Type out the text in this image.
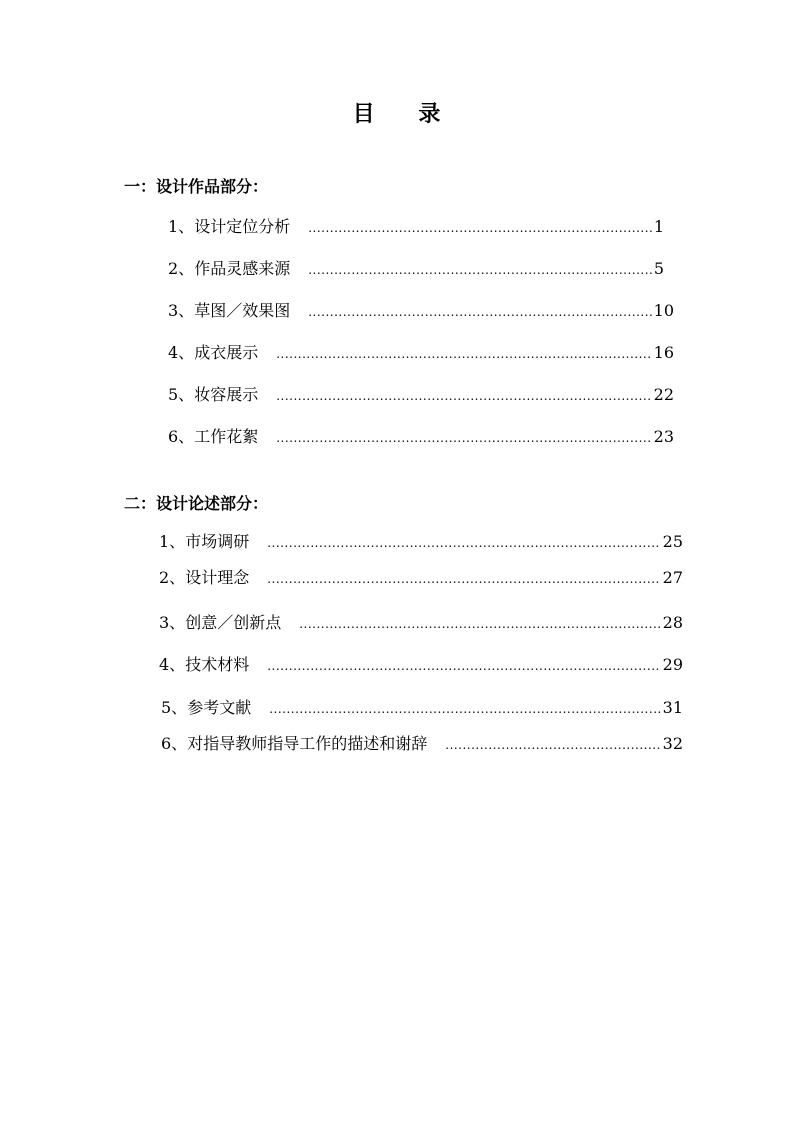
目 录
一：设计作品部分：
1、 设计定位分析 .....	1
2、 作品灵感来源 .....	5
3、 草图／效果图 .....	10
4、 成衣展示 .....	16
5、 妆容展示 .....	22
6、 工作花絮 .....	23
二：设计论述部分：
1、 市场调研 .....	25
2、 设计理念 .....	27
3、 创意／创新点 .....	28
4、 技术材料 .....	29
5、 参考文献 .....	31
6、 对指导教师指导工作的描述和谢辞 .....	32
